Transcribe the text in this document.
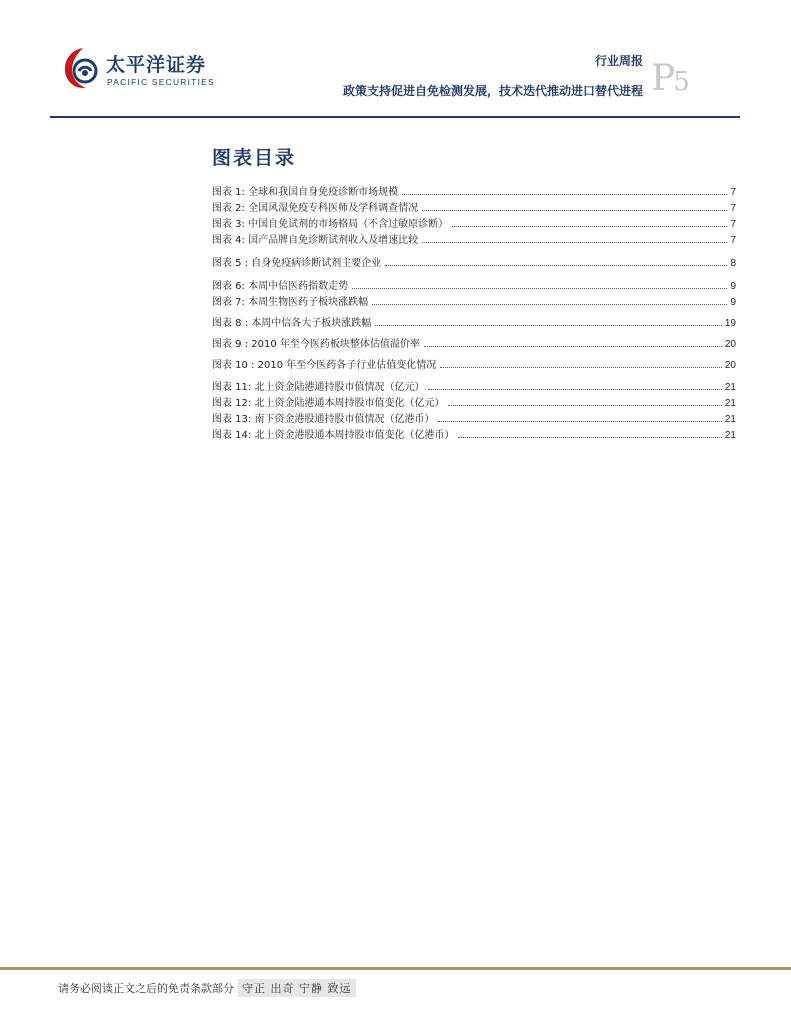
太平洋证券
PACIFIC SECURITIES
行业周报
政策支持促进自免检测发展，技术迭代推动进口替代进程 P5
图表目录
图表 1: 全球和我国自身免疫诊断市场规模	7
图表 2: 全国风湿免疫专科医师及学科调查情况	7
图表 3: 中国自免试剂的市场格局（不含过敏原诊断）	7
图表 4: 国产品牌自免诊断试剂收入及增速比较	7
图表 5 : 自身免疫病诊断试剂主要企业	8
图表 6: 本周中信医药指数走势	9
图表 7: 本周生物医药子板块涨跌幅	9
图表 8 : 本周中信各大子板块涨跌幅	19
图表 9 : 2010 年至今医药板块整体估值溢价率	20
图表 10 : 2010 年至今医药各子行业估值变化情况	20
图表 11: 北上资金陆港通持股市值情况（亿元）	21
图表 12: 北上资金陆港通本周持股市值变化（亿元）	21
图表 13: 南下资金港股通持股市值情况（亿港币）	21
图表 14: 北上资金港股通本周持股市值变化（亿港币）	21
请务必阅读正文之后的免责条款部分 守正 出奇 宁静 致远
